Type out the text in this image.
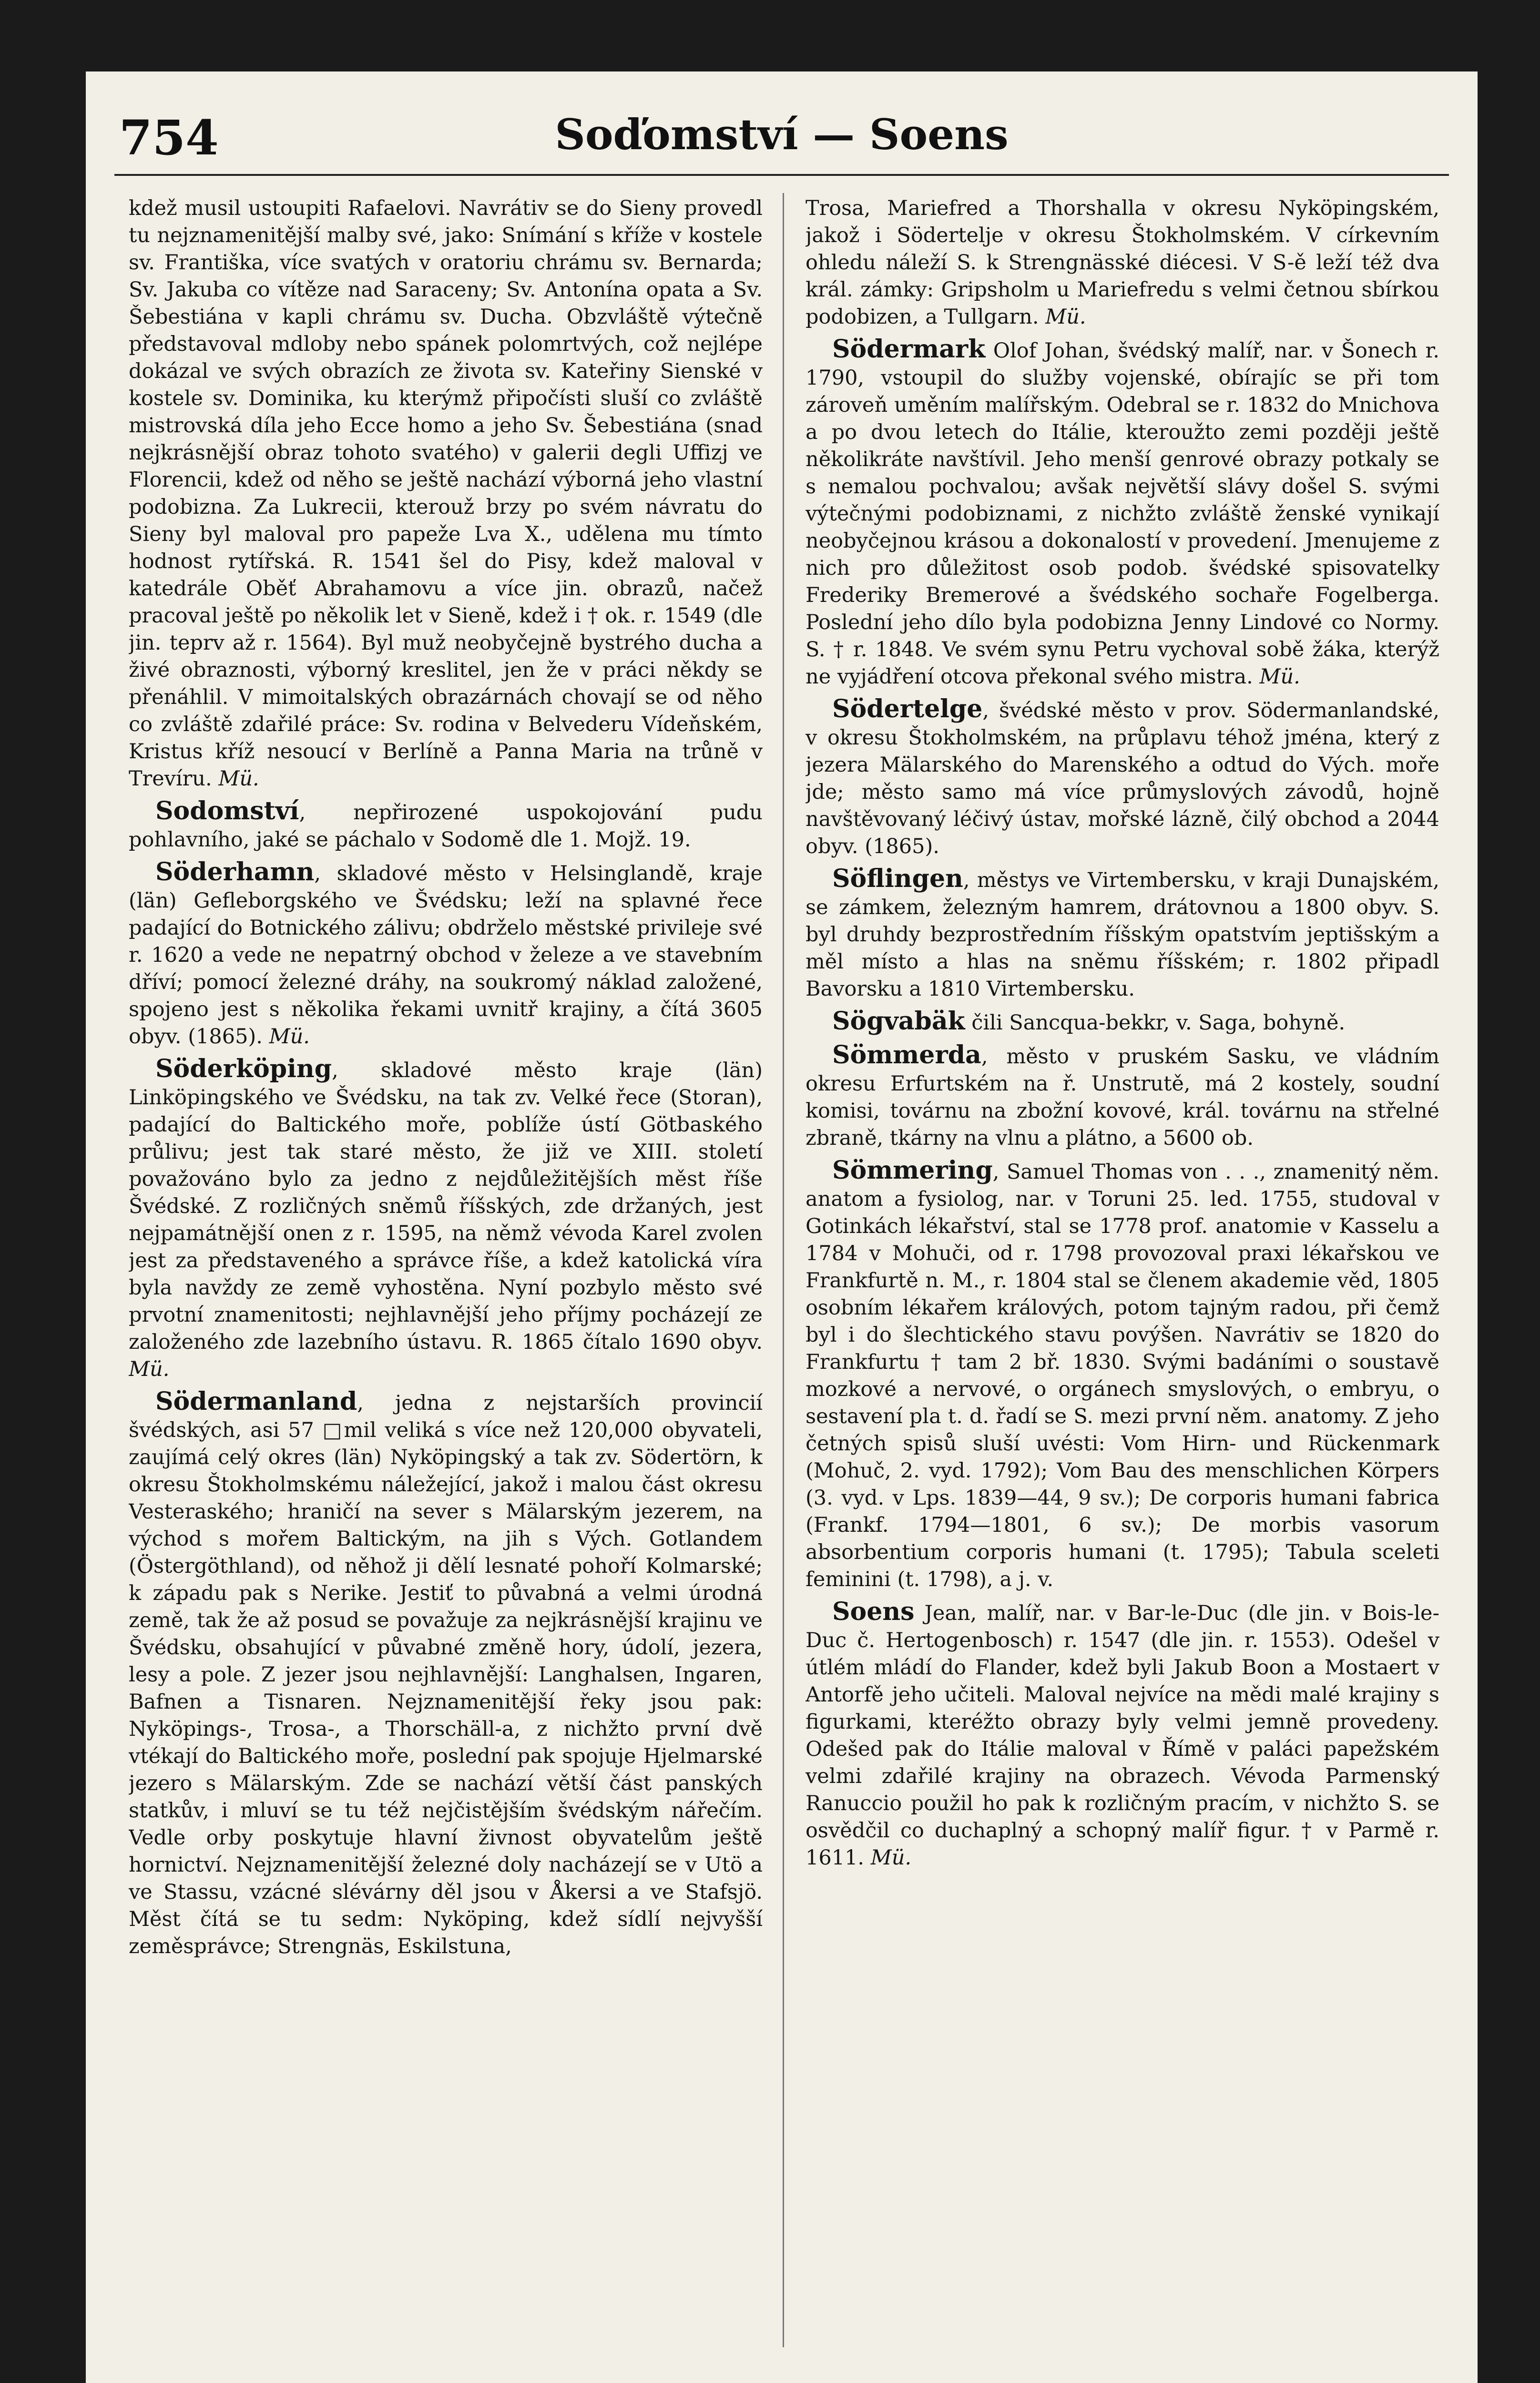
754	Soďomství — Soens

kdež musil ustoupiti Rafaelovi. Navrátiv se do Sieny provedl tu nejznamenitější malby své, jako: Snímání s kříže v kostele sv. Františka, více svatých v oratoriu chrámu sv. Bernarda; Sv. Jakuba co vítěze nad Saraceny; Sv. Antonína opata a Sv. Šebestiána v kapli chrámu sv. Ducha. Obzvláště výtečně představoval mdloby nebo spánek polomrtvých, což nejlépe dokázal ve svých obrazích ze života sv. Kateřiny Sienské v kostele sv. Dominika, ku kterýmž připočísti sluší co zvláště mistrovská díla jeho Ecce homo a jeho Sv. Šebestiána (snad nejkrásnější obraz tohoto svatého) v galerii degli Uffizj ve Florencii, kdež od něho se ještě nachází výborná jeho vlastní podobizna. Za Lukrecii, kterouž brzy po svém návratu do Sieny byl maloval pro papeže Lva X., udělena mu tímto hodnost rytířská. R. 1541 šel do Pisy, kdež maloval v katedrále Oběť Abrahamovu a více jin. obrazů, načež pracoval ještě po několik let v Sieně, kdež i † ok. r. 1549 (dle jin. teprv až r. 1564). Byl muž neobyčejně bystrého ducha a živé obraznosti, výborný kreslitel, jen že v práci někdy se přenáhlil. V mimoitalských obrazárnách chovají se od něho co zvláště zdařilé práce: Sv. rodina v Belvederu Vídeňském, Kristus kříž nesoucí v Berlíně a Panna Maria na trůně v Trevíru. Mü.

Sodomství, nepřirozené uspokojování pudu pohlavního, jaké se páchalo v Sodomě dle 1. Mojž. 19.

Söderhamn, skladové město v Helsinglandě, kraje (län) Gefleborgského ve Švédsku; leží na splavné řece padající do Botnického zálivu; obdrželo městské privileje své r. 1620 a vede ne nepatrný obchod v železe a ve stavebním dříví; pomocí železné dráhy, na soukromý náklad založené, spojeno jest s několika řekami uvnitř krajiny, a čítá 3605 obyv. (1865). Mü.

Söderköping, skladové město kraje (län) Linköpingského ve Švédsku, na tak zv. Velké řece (Storan), padající do Baltického moře, poblíže ústí Götbaského průlivu; jest tak staré město, že již ve XIII. století považováno bylo za jedno z nejdůležitějších měst říše Švédské. Z rozličných sněmů říšských, zde držaných, jest nejpamátnější onen z r. 1595, na němž vévoda Karel zvolen jest za představeného a správce říše, a kdež katolická víra byla navždy ze země vyhostěna. Nyní pozbylo město své prvotní znamenitosti; nejhlavnější jeho příjmy pocházejí ze založeného zde lazebního ústavu. R. 1865 čítalo 1690 obyv. Mü.

Södermanland, jedna z nejstarších provincií švédských, asi 57 □mil veliká s více než 120,000 obyvateli, zaujímá celý okres (län) Nyköpingský a tak zv. Södertörn, k okresu Štokholmskému náležející, jakož i malou část okresu Vesteraského; hraničí na sever s Mälarským jezerem, na východ s mořem Baltickým, na jih s Vých. Gotlandem (Östergöthland), od něhož ji dělí lesnaté pohoří Kolmarské; k západu pak s Nerike. Jestiť to půvabná a velmi úrodná země, tak že až posud se považuje za nejkrásnější krajinu ve Švédsku, obsahující v půvabné změně hory, údolí, jezera, lesy a pole. Z jezer jsou nejhlavnější: Langhalsen, Ingaren, Bafnen a Tisnaren. Nejznamenitější řeky jsou pak: Nyköpings-, Trosa-, a Thorschäll-a, z nichžto první dvě vtékají do Baltického moře, poslední pak spojuje Hjelmarské jezero s Mälarským. Zde se nachází větší část panských statkův, i mluví se tu též nejčistějším švédským nářečím. Vedle orby poskytuje hlavní živnost obyvatelům ještě hornictví. Nejznamenitější železné doly nacházejí se v Utö a ve Stassu, vzácné slévárny děl jsou v Åkersi a ve Stafsjö. Měst čítá se tu sedm: Nyköping, kdež sídlí nejvyšší zeměsprávce; Strengnäs, Eskilstuna,

Trosa, Mariefred a Thorshalla v okresu Nyköpingském, jakož i Södertelje v okresu Štokholmském. V církevním ohledu náleží S. k Strengnässké diécesi. V S-ě leží též dva král. zámky: Gripsholm u Mariefredu s velmi četnou sbírkou podobizen, a Tullgarn. Mü.

Södermark Olof Johan, švédský malíř, nar. v Šonech r. 1790, vstoupil do služby vojenské, obírajíc se při tom zároveň uměním malířským. Odebral se r. 1832 do Mnichova a po dvou letech do Itálie, kteroužto zemi později ještě několikráte navštívil. Jeho menší genrové obrazy potkaly se s nemalou pochvalou; avšak největší slávy došel S. svými výtečnými podobiznami, z nichžto zvláště ženské vynikají neobyčejnou krásou a dokonalostí v provedení. Jmenujeme z nich pro důležitost osob podob. švédské spisovatelky Frederiky Bremerové a švédského sochaře Fogelberga. Poslední jeho dílo byla podobizna Jenny Lindové co Normy. S. † r. 1848. Ve svém synu Petru vychoval sobě žáka, kterýž ne vyjádření otcova překonal svého mistra. Mü.

Södertelge, švédské město v prov. Södermanlandské, v okresu Štokholmském, na průplavu téhož jména, který z jezera Mälarského do Marenského a odtud do Vých. moře jde; město samo má více průmyslových závodů, hojně navštěvovaný léčivý ústav, mořské lázně, čilý obchod a 2044 obyv. (1865).

Söflingen, městys ve Virtembersku, v kraji Dunajském, se zámkem, železným hamrem, drátovnou a 1800 obyv. S. byl druhdy bezprostředním říšským opatstvím jeptišským a měl místo a hlas na sněmu říšském; r. 1802 připadl Bavorsku a 1810 Virtembersku.

Sögvabäk čili Sancqua-bekkr, v. Saga, bohyně.

Sömmerda, město v pruském Sasku, ve vládním okresu Erfurtském na ř. Unstrutě, má 2 kostely, soudní komisi, továrnu na zbožní kovové, král. továrnu na střelné zbraně, tkárny na vlnu a plátno, a 5600 ob.

Sömmering, Samuel Thomas von . . ., znamenitý něm. anatom a fysiolog, nar. v Toruni 25. led. 1755, studoval v Gotinkách lékařství, stal se 1778 prof. anatomie v Kasselu a 1784 v Mohuči, od r. 1798 provozoval praxi lékařskou ve Frankfurtě n. M., r. 1804 stal se členem akademie věd, 1805 osobním lékařem králových, potom tajným radou, při čemž byl i do šlechtického stavu povýšen. Navrátiv se 1820 do Frankfurtu † tam 2 bř. 1830. Svými badáními o soustavě mozkové a nervové, o orgánech smyslových, o embryu, o sestavení pla t. d. řadí se S. mezi první něm. anatomy. Z jeho četných spisů sluší uvésti: Vom Hirn- und Rückenmark (Mohuč, 2. vyd. 1792); Vom Bau des menschlichen Körpers (3. vyd. v Lps. 1839—44, 9 sv.); De corporis humani fabrica (Frankf. 1794—1801, 6 sv.); De morbis vasorum absorbentium corporis humani (t. 1795); Tabula sceleti feminini (t. 1798), a j. v.

Soens Jean, malíř, nar. v Bar-le-Duc (dle jin. v Bois-le-Duc č. Hertogenbosch) r. 1547 (dle jin. r. 1553). Odešel v útlém mládí do Flander, kdež byli Jakub Boon a Mostaert v Antorfě jeho učiteli. Maloval nejvíce na mědi malé krajiny s figurkami, kteréžto obrazy byly velmi jemně provedeny. Odešed pak do Itálie maloval v Římě v paláci papežském velmi zdařilé krajiny na obrazech. Vévoda Parmenský Ranuccio použil ho pak k rozličným pracím, v nichžto S. se osvědčil co duchaplný a schopný malíř figur. † v Parmě r. 1611. Mü.
